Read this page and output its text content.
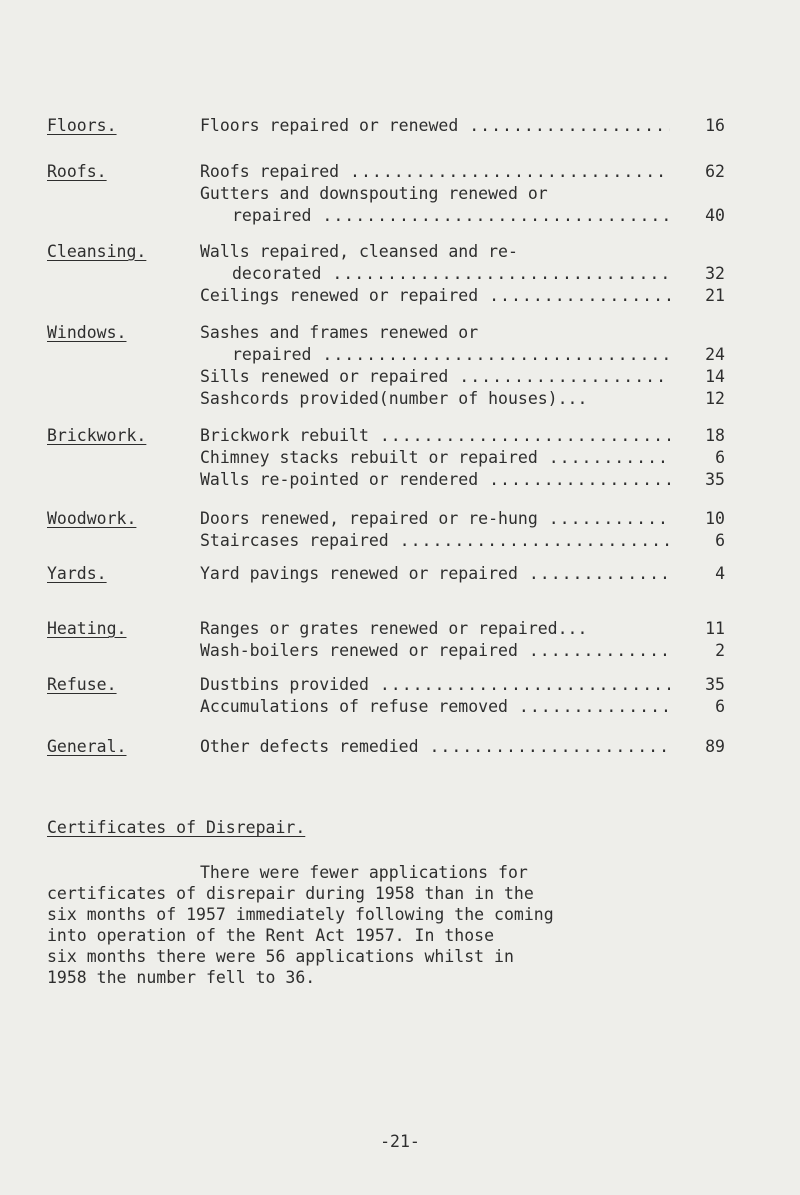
Floors.	Floors repaired or renewed .....	16
Roofs.	Roofs repaired .....	62
Gutters and downspouting renewed or
repaired .....	40
Cleansing.	Walls repaired, cleansed and re-
decorated .....	32
Ceilings renewed or repaired .....	21
Windows.	Sashes and frames renewed or
repaired .....	24
Sills renewed or repaired .....	14
Sashcords provided(number of houses)...	12
Brickwork.	Brickwork rebuilt .....	18
Chimney stacks rebuilt or repaired .....	6
Walls re-pointed or rendered .....	35
Woodwork.	Doors renewed, repaired or re-hung .....	10
Staircases repaired .....	6
Yards.	Yard pavings renewed or repaired .....	4
Heating.	Ranges or grates renewed or repaired...	11
Wash-boilers renewed or repaired .....	2
Refuse.	Dustbins provided .....	35
Accumulations of refuse removed .....	6
General.	Other defects remedied .....	89
Certificates of Disrepair.
There were fewer applications for
certificates of disrepair during 1958 than in the
six months of 1957 immediately following the coming
into operation of the Rent Act 1957. In those
six months there were 56 applications whilst in
1958 the number fell to 36.
-21-
